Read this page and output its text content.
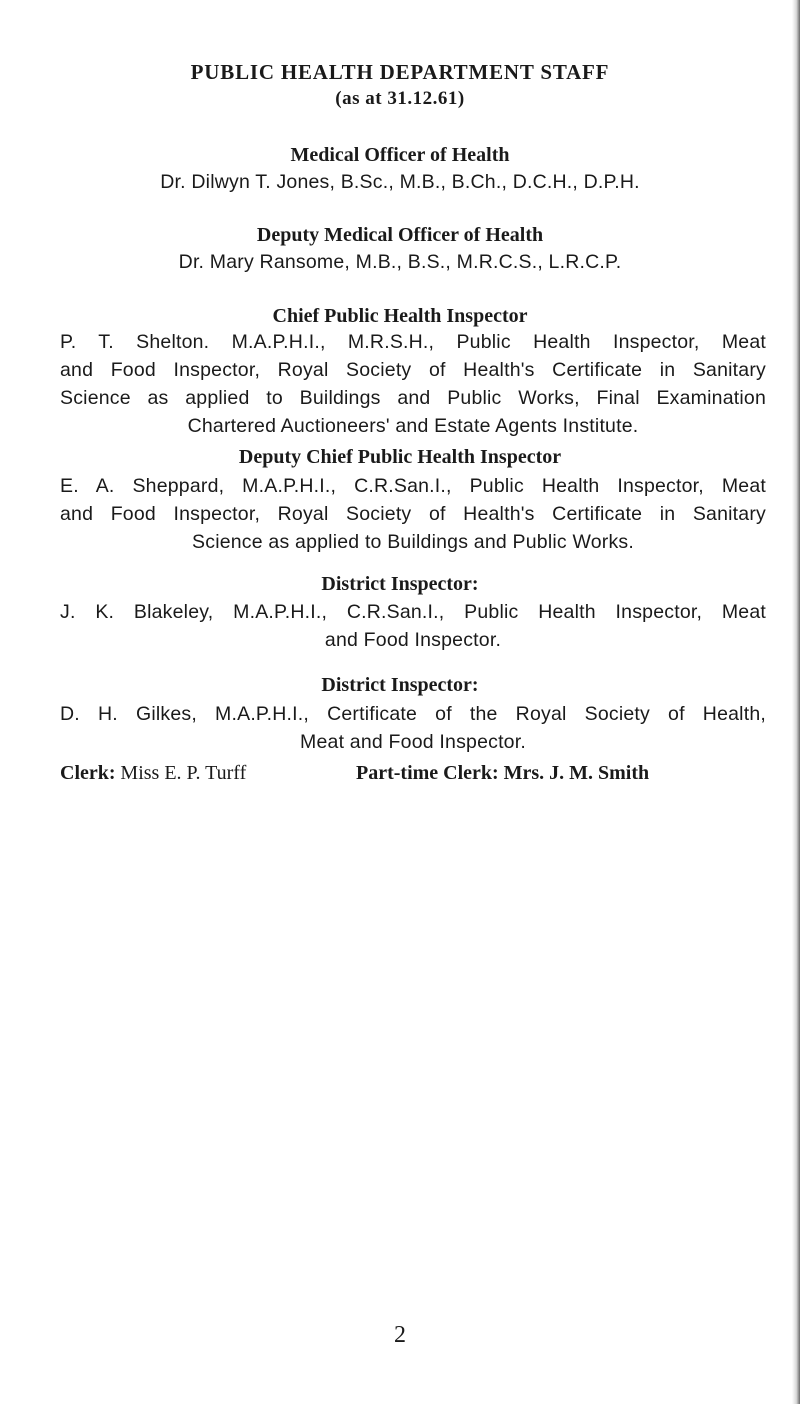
PUBLIC HEALTH DEPARTMENT STAFF
(as at 31.12.61)
Medical Officer of Health
Dr. Dilwyn T. Jones, B.Sc., M.B., B.Ch., D.C.H., D.P.H.
Deputy Medical Officer of Health
Dr. Mary Ransome, M.B., B.S., M.R.C.S., L.R.C.P.
Chief Public Health Inspector
P. T. Shelton. M.A.P.H.I., M.R.S.H., Public Health Inspector, Meat
and Food Inspector, Royal Society of Health's Certificate in Sanitary
Science as applied to Buildings and Public Works, Final Examination
Chartered Auctioneers' and Estate Agents Institute.
Deputy Chief Public Health Inspector
E. A. Sheppard, M.A.P.H.I., C.R.San.I., Public Health Inspector, Meat
and Food Inspector, Royal Society of Health's Certificate in Sanitary
Science as applied to Buildings and Public Works.
District Inspector:
J. K. Blakeley, M.A.P.H.I., C.R.San.I., Public Health Inspector, Meat
and Food Inspector.
District Inspector:
D. H. Gilkes, M.A.P.H.I., Certificate of the Royal Society of Health,
Meat and Food Inspector.
Clerk: Miss E. P. Turff	Part-time Clerk: Mrs. J. M. Smith
2
